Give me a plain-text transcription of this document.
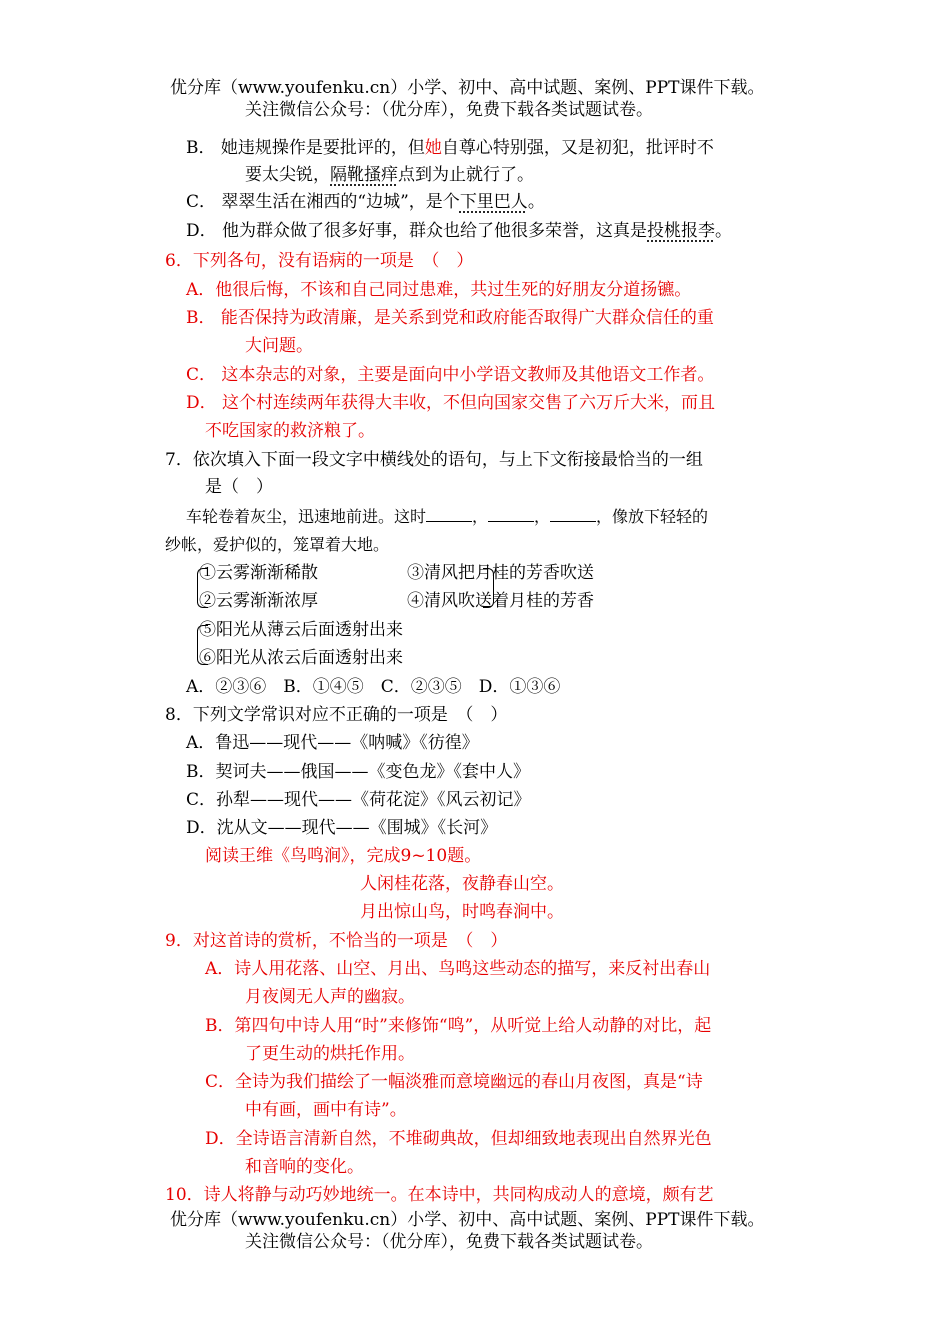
优分库（www.youfenku.cn）小学、初中、高中试题、案例、PPT课件下载。
关注微信公众号：（优分库），免费下载各类试题试卷。
B． 她违规操作是要批评的，但她自尊心特别强，又是初犯，批评时不
要太尖锐，隔靴搔痒点到为止就行了。
C． 翠翠生活在湘西的“边城”，是个下里巴人。
D． 他为群众做了很多好事，群众也给了他很多荣誉，这真是投桃报李。
6．下列各句，没有语病的一项是　（　）
A．他很后悔，不该和自己同过患难，共过生死的好朋友分道扬镳。
B． 能否保持为政清廉，是关系到党和政府能否取得广大群众信任的重
大问题。
C． 这本杂志的对象，主要是面向中小学语文教师及其他语文工作者。
D． 这个村连续两年获得大丰收，不但向国家交售了六万斤大米，而且
不吃国家的救济粮了。
7．依次填入下面一段文字中横线处的语句，与上下文衔接最恰当的一组
是（　）
车轮卷着灰尘，迅速地前进。这时	，	，	，像放下轻轻的
纱帐，爱护似的，笼罩着大地。
①云雾渐渐稀散	③清风把月桂的芳香吹送
②云雾渐渐浓厚	④清风吹送着月桂的芳香
⑤阳光从薄云后面透射出来
⑥阳光从浓云后面透射出来
A．②③⑥　B．①④⑤　C．②③⑤　D．①③⑥
8．下列文学常识对应不正确的一项是　（　）
A．鲁迅——现代——《呐喊》《彷徨》
B．契诃夫——俄国——《变色龙》《套中人》
C．孙犁——现代——《荷花淀》《风云初记》
D．沈从文——现代——《围城》《长河》
阅读王维《鸟鸣涧》，完成9~10题。
人闲桂花落，夜静春山空。
月出惊山鸟，时鸣春涧中。
9．对这首诗的赏析，不恰当的一项是　（　）
A．诗人用花落、山空、月出、鸟鸣这些动态的描写，来反衬出春山
月夜阒无人声的幽寂。
B．第四句中诗人用“时”来修饰“鸣”，从听觉上给人动静的对比，起
了更生动的烘托作用。
C．全诗为我们描绘了一幅淡雅而意境幽远的春山月夜图，真是“诗
中有画，画中有诗”。
D．全诗语言清新自然，不堆砌典故，但却细致地表现出自然界光色
和音响的变化。
10．诗人将静与动巧妙地统一。在本诗中，共同构成动人的意境，颇有艺
优分库（www.youfenku.cn）小学、初中、高中试题、案例、PPT课件下载。
关注微信公众号：（优分库），免费下载各类试题试卷。
